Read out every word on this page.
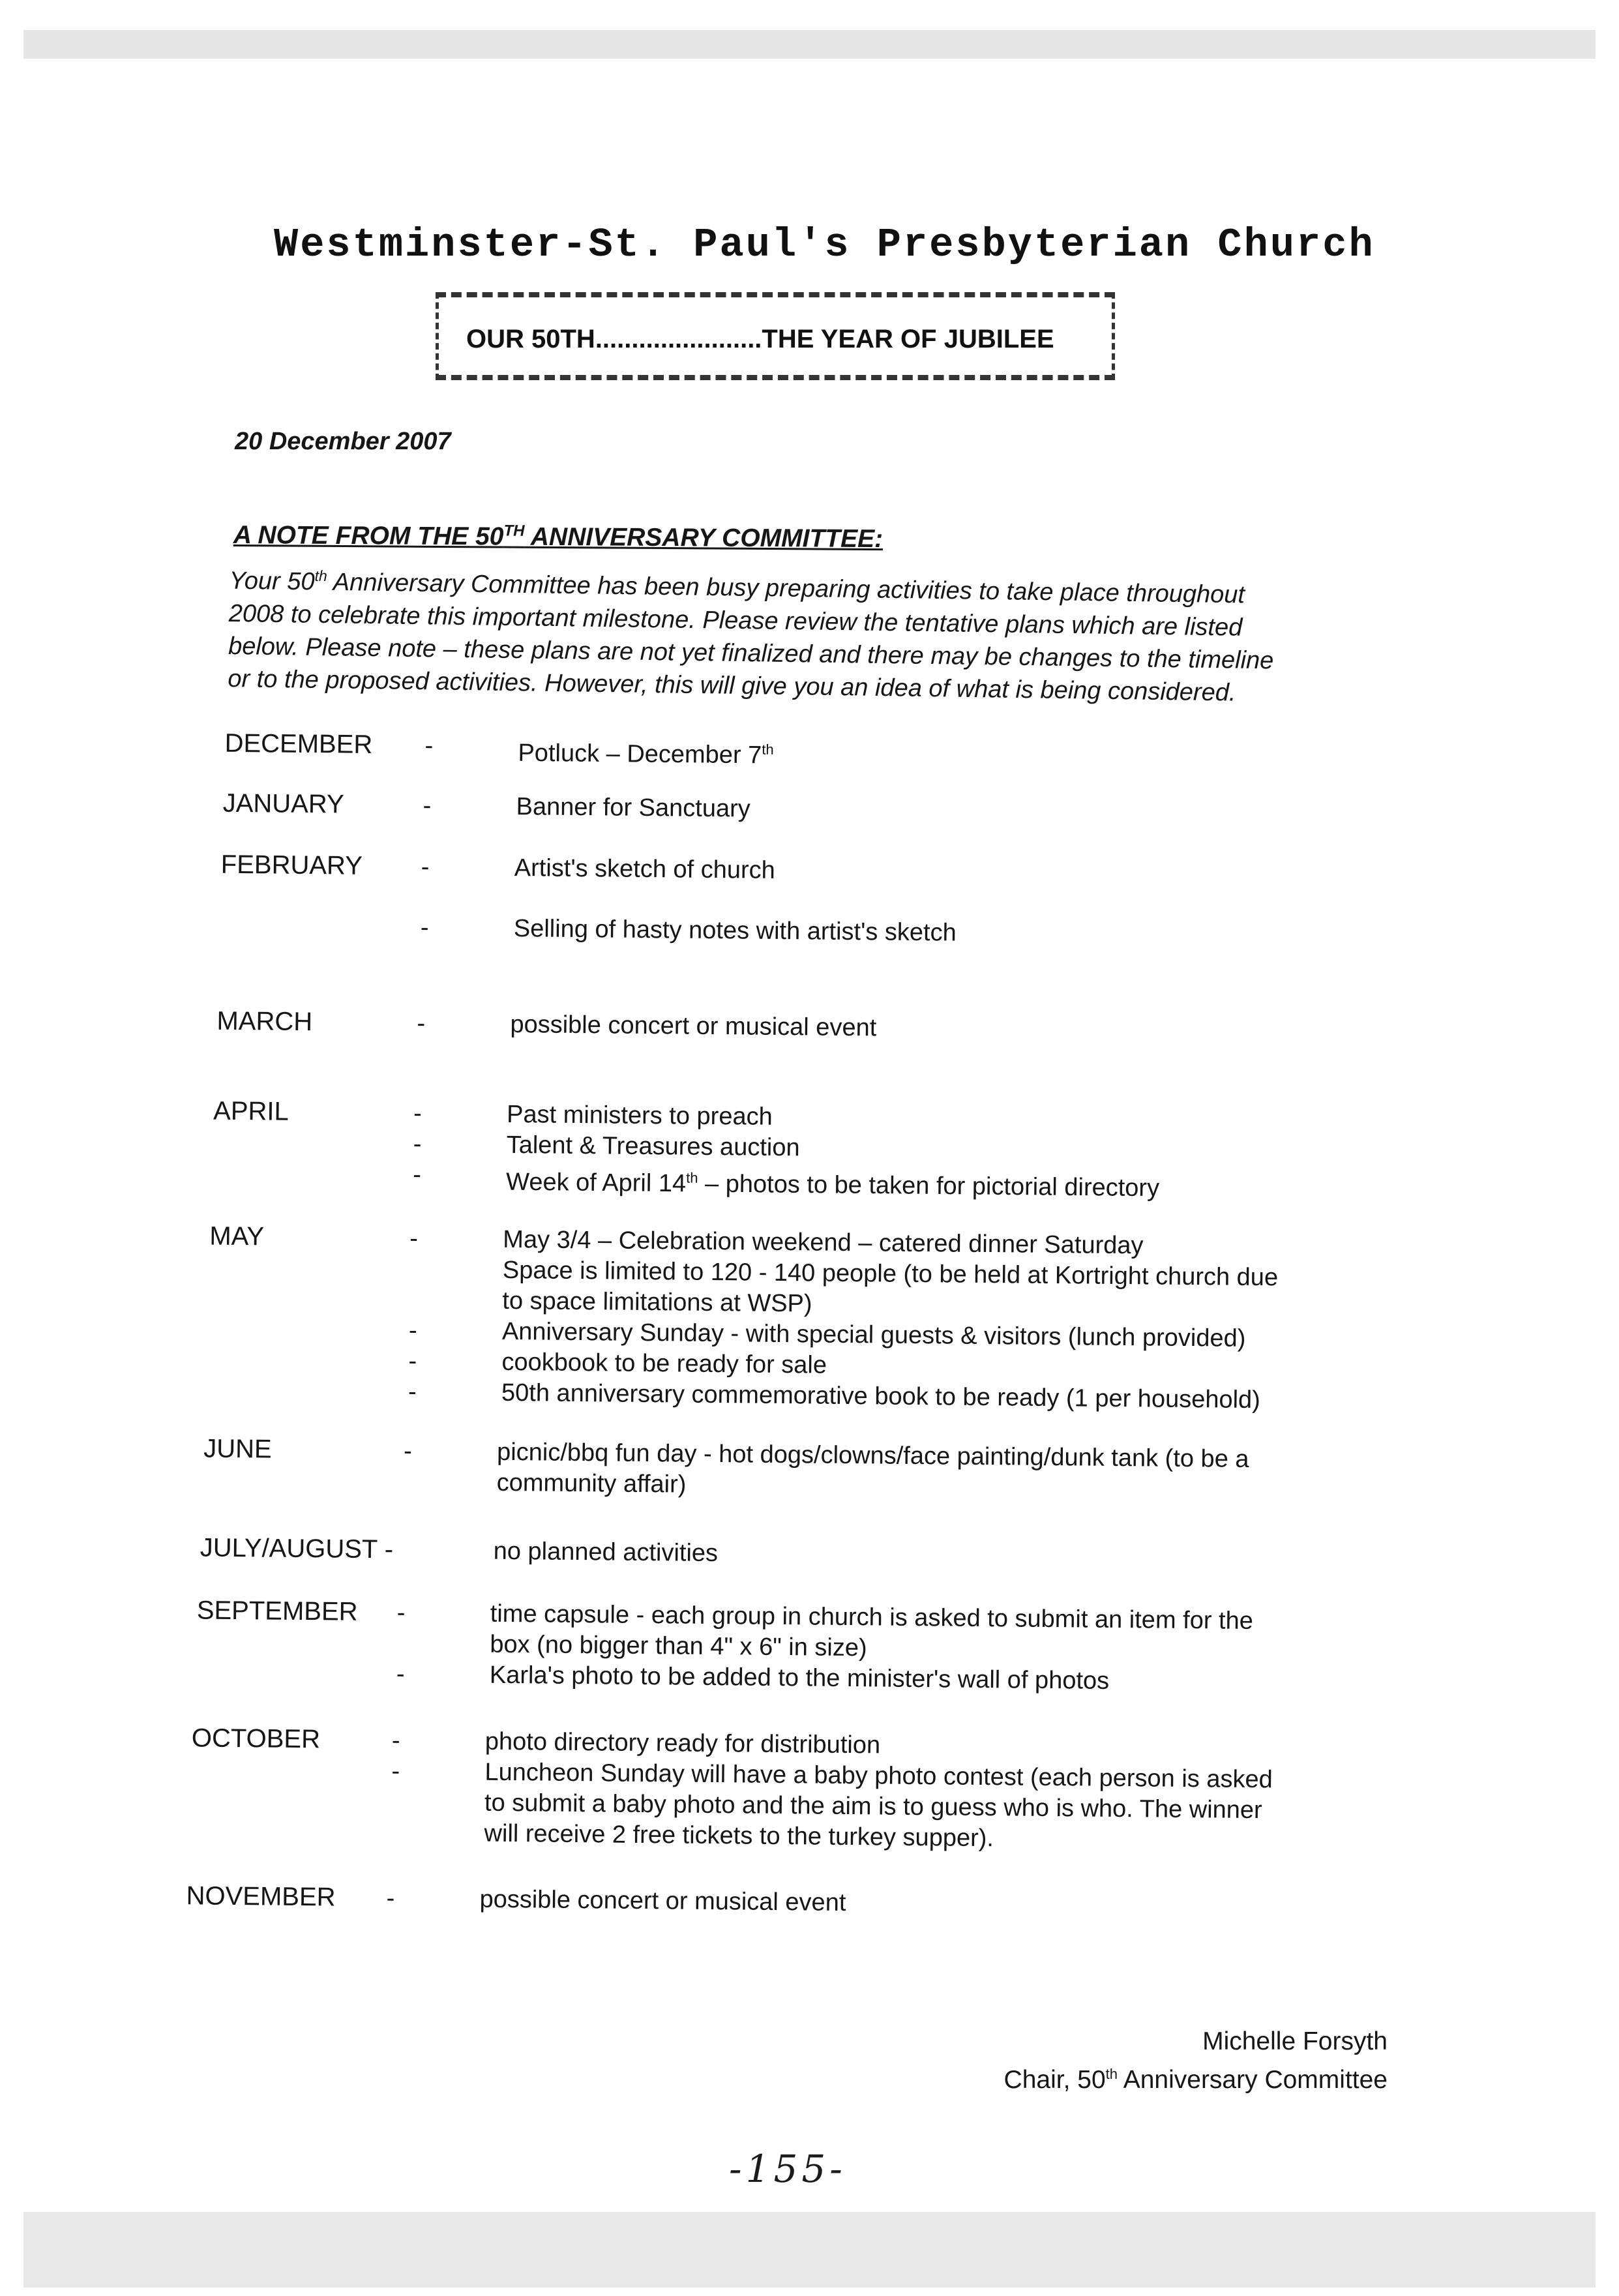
Westminster-St. Paul's Presbyterian Church
OUR 50TH.......................THE YEAR OF JUBILEE
20 December 2007
A NOTE FROM THE 50TH ANNIVERSARY COMMITTEE:
Your 50th Anniversary Committee has been busy preparing activities to take place throughout
2008 to celebrate this important milestone. Please review the tentative plans which are listed
below. Please note – these plans are not yet finalized and there may be changes to the timeline
or to the proposed activities. However, this will give you an idea of what is being considered.
DECEMBER -	Potluck – December 7th
JANUARY	-	Banner for Sanctuary
FEBRUARY -	Artist's sketch of church
-	Selling of hasty notes with artist's sketch
MARCH	-	possible concert or musical event
APRIL	-	Past ministers to preach
-	Talent & Treasures auction
-	Week of April 14th – photos to be taken for pictorial directory
MAY	-	May 3/4 – Celebration weekend – catered dinner Saturday
Space is limited to 120 - 140 people (to be held at Kortright church due
to space limitations at WSP)
-	Anniversary Sunday - with special guests & visitors (lunch provided)
-	cookbook to be ready for sale
-	50th anniversary commemorative book to be ready (1 per household)
JUNE	-	picnic/bbq fun day - hot dogs/clowns/face painting/dunk tank (to be a
community affair)
JULY/AUGUST -	no planned activities
SEPTEMBER -	time capsule - each group in church is asked to submit an item for the
box (no bigger than 4" x 6" in size)
-	Karla's photo to be added to the minister's wall of photos
OCTOBER	-	photo directory ready for distribution
-	Luncheon Sunday will have a baby photo contest (each person is asked
to submit a baby photo and the aim is to guess who is who. The winner
will receive 2 free tickets to the turkey supper).
NOVEMBER -	possible concert or musical event
Michelle Forsyth
Chair, 50th Anniversary Committee
-155-
